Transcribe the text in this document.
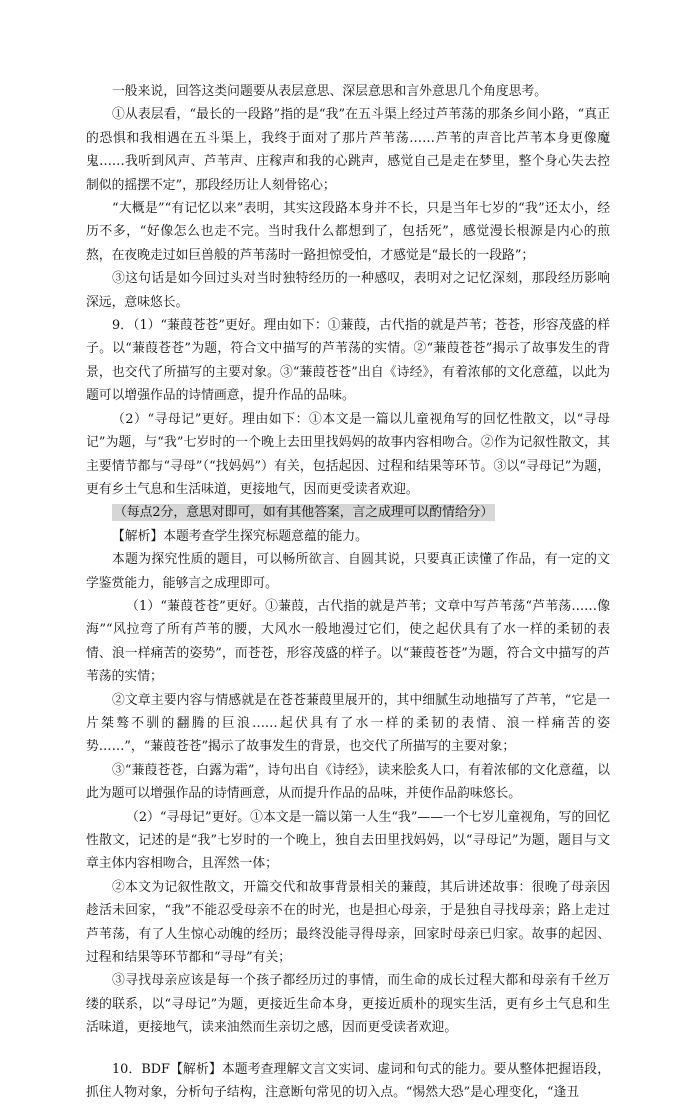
一般来说，回答这类问题要从表层意思、深层意思和言外意思几个角度思考。

①从表层看，“最长的一段路”指的是“我”在五斗渠上经过芦苇荡的那条乡间小路，“真正的恐惧和我相遇在五斗渠上，我终于面对了那片芦苇荡……芦苇的声音比芦苇本身更像魔鬼……我听到风声、芦苇声、庄稼声和我的心跳声，感觉自己是走在梦里，整个身心失去控制似的摇摆不定”，那段经历让人刻骨铭心；

“大概是”“有记忆以来”表明，其实这段路本身并不长，只是当年七岁的“我”还太小，经历不多，“好像怎么也走不完。当时我什么都想到了，包括死”，感觉漫长根源是内心的煎熬，在夜晚走过如巨兽般的芦苇荡时一路担惊受怕，才感觉是“最长的一段路”；

③这句话是如今回过头对当时独特经历的一种感叹，表明对之记忆深刻，那段经历影响深远，意味悠长。

9．（1）“蒹葭苍苍”更好。理由如下：①蒹葭，古代指的就是芦苇；苍苍，形容茂盛的样子。以“蒹葭苍苍”为题，符合文中描写的芦苇荡的实情。②“蒹葭苍苍”揭示了故事发生的背景，也交代了所描写的主要对象。③“蒹葭苍苍”出自《诗经》，有着浓郁的文化意蕴，以此为题可以增强作品的诗情画意，提升作品的品味。

（2）“寻母记”更好。理由如下：①本文是一篇以儿童视角写的回忆性散文，以“寻母记”为题，与“我”七岁时的一个晚上去田里找妈妈的故事内容相吻合。②作为记叙性散文，其主要情节都与“寻母”（“找妈妈”）有关，包括起因、过程和结果等环节。③以“寻母记”为题，更有乡土气息和生活味道，更接地气，因而更受读者欢迎。

（每点2分，意思对即可，如有其他答案，言之成理可以酌情给分）

【解析】本题考查学生探究标题意蕴的能力。

本题为探究性质的题目，可以畅所欲言、自圆其说，只要真正读懂了作品，有一定的文学鉴赏能力，能够言之成理即可。

（1）“蒹葭苍苍”更好。①蒹葭，古代指的就是芦苇；文章中写芦苇荡“芦苇荡……像海”“风拉弯了所有芦苇的腰，大风水一般地漫过它们，使之起伏具有了水一样的柔韧的表情、浪一样痛苦的姿势”，而苍苍，形容茂盛的样子。以“蒹葭苍苍”为题，符合文中描写的芦苇荡的实情；

②文章主要内容与情感就是在苍苍蒹葭里展开的，其中细腻生动地描写了芦苇，“它是一片桀骜不驯的翻腾的巨浪……起伏具有了水一样的柔韧的表情、浪一样痛苦的姿势……”，“蒹葭苍苍”揭示了故事发生的背景，也交代了所描写的主要对象；

③“蒹葭苍苍，白露为霜”，诗句出自《诗经》，读来脍炙人口，有着浓郁的文化意蕴，以此为题可以增强作品的诗情画意，从而提升作品的品味，并使作品韵味悠长。

（2）“寻母记”更好。①本文是一篇以第一人生“我”——一个七岁儿童视角，写的回忆性散文，记述的是“我”七岁时的一个晚上，独自去田里找妈妈，以“寻母记”为题，题目与文章主体内容相吻合，且浑然一体；

②本文为记叙性散文，开篇交代和故事背景相关的蒹葭，其后讲述故事：很晚了母亲因趁活未回家，“我”不能忍受母亲不在的时光，也是担心母亲，于是独自寻找母亲；路上走过芦苇荡，有了人生惊心动魄的经历；最终没能寻得母亲，回家时母亲已归家。故事的起因、过程和结果等环节都和“寻母”有关；

③寻找母亲应该是每一个孩子都经历过的事情，而生命的成长过程大都和母亲有千丝万缕的联系，以“寻母记”为题，更接近生命本身，更接近质朴的现实生活，更有乡土气息和生活味道，更接地气，读来油然而生亲切之感，因而更受读者欢迎。

10．BDF【解析】本题考查理解文言文实词、虚词和句式的能力。要从整体把握语段，抓住人物对象，分析句子结构，注意断句常见的切入点。“惕然大恐”是心理变化，“逢丑
